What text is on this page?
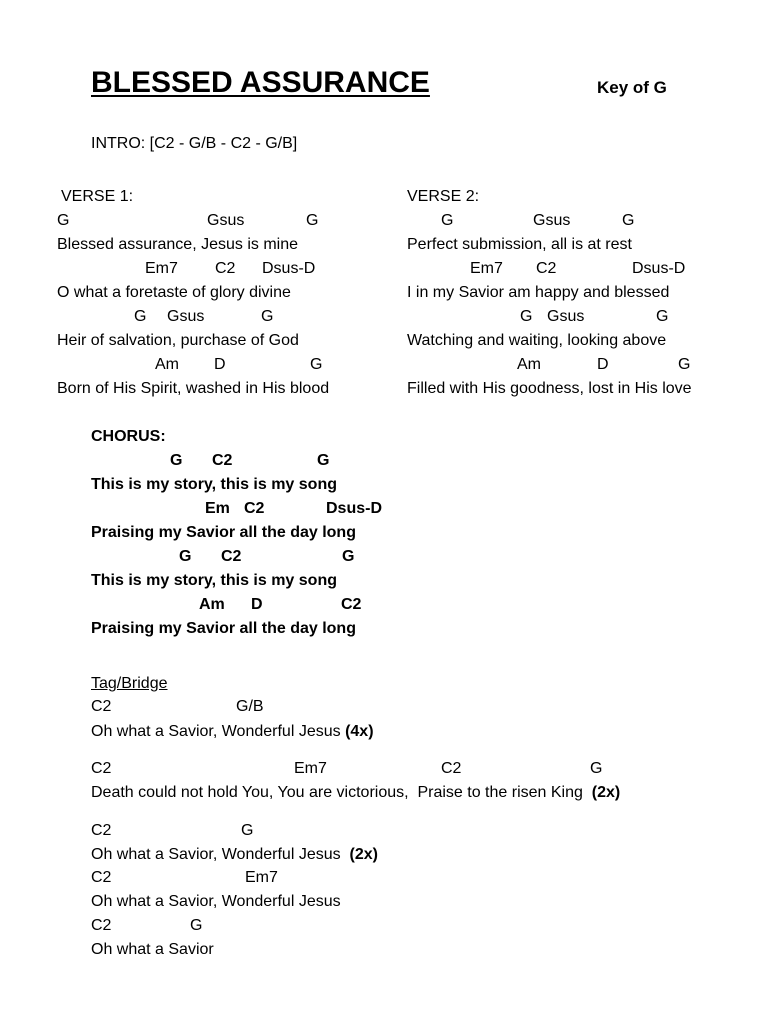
BLESSED ASSURANCE	Key of G
INTRO: [C2 - G/B - C2 - G/B]
VERSE 1:
G	Gsus	G
Blessed assurance, Jesus is mine
Em7 C2 Dsus-D
O what a foretaste of glory divine
G Gsus	G
Heir of salvation, purchase of God
Am D	G
Born of His Spirit, washed in His blood
VERSE 2:
G	Gsus	G
Perfect submission, all is at rest
Em7 C2	Dsus-D
I in my Savior am happy and blessed
G Gsus	G
Watching and waiting, looking above
Am	D	G
Filled with His goodness, lost in His love
CHORUS:
G C2	G
This is my story, this is my song
Em C2	Dsus-D
Praising my Savior all the day long
G C2	G
This is my story, this is my song
Am D	C2
Praising my Savior all the day long
Tag/Bridge
C2	G/B
Oh what a Savior, Wonderful Jesus (4x)
C2	Em7	C2	G
Death could not hold You, You are victorious,  Praise to the risen King (2x)
C2	G
Oh what a Savior, Wonderful Jesus (2x)
C2	Em7
Oh what a Savior, Wonderful Jesus
C2	G
Oh what a Savior
